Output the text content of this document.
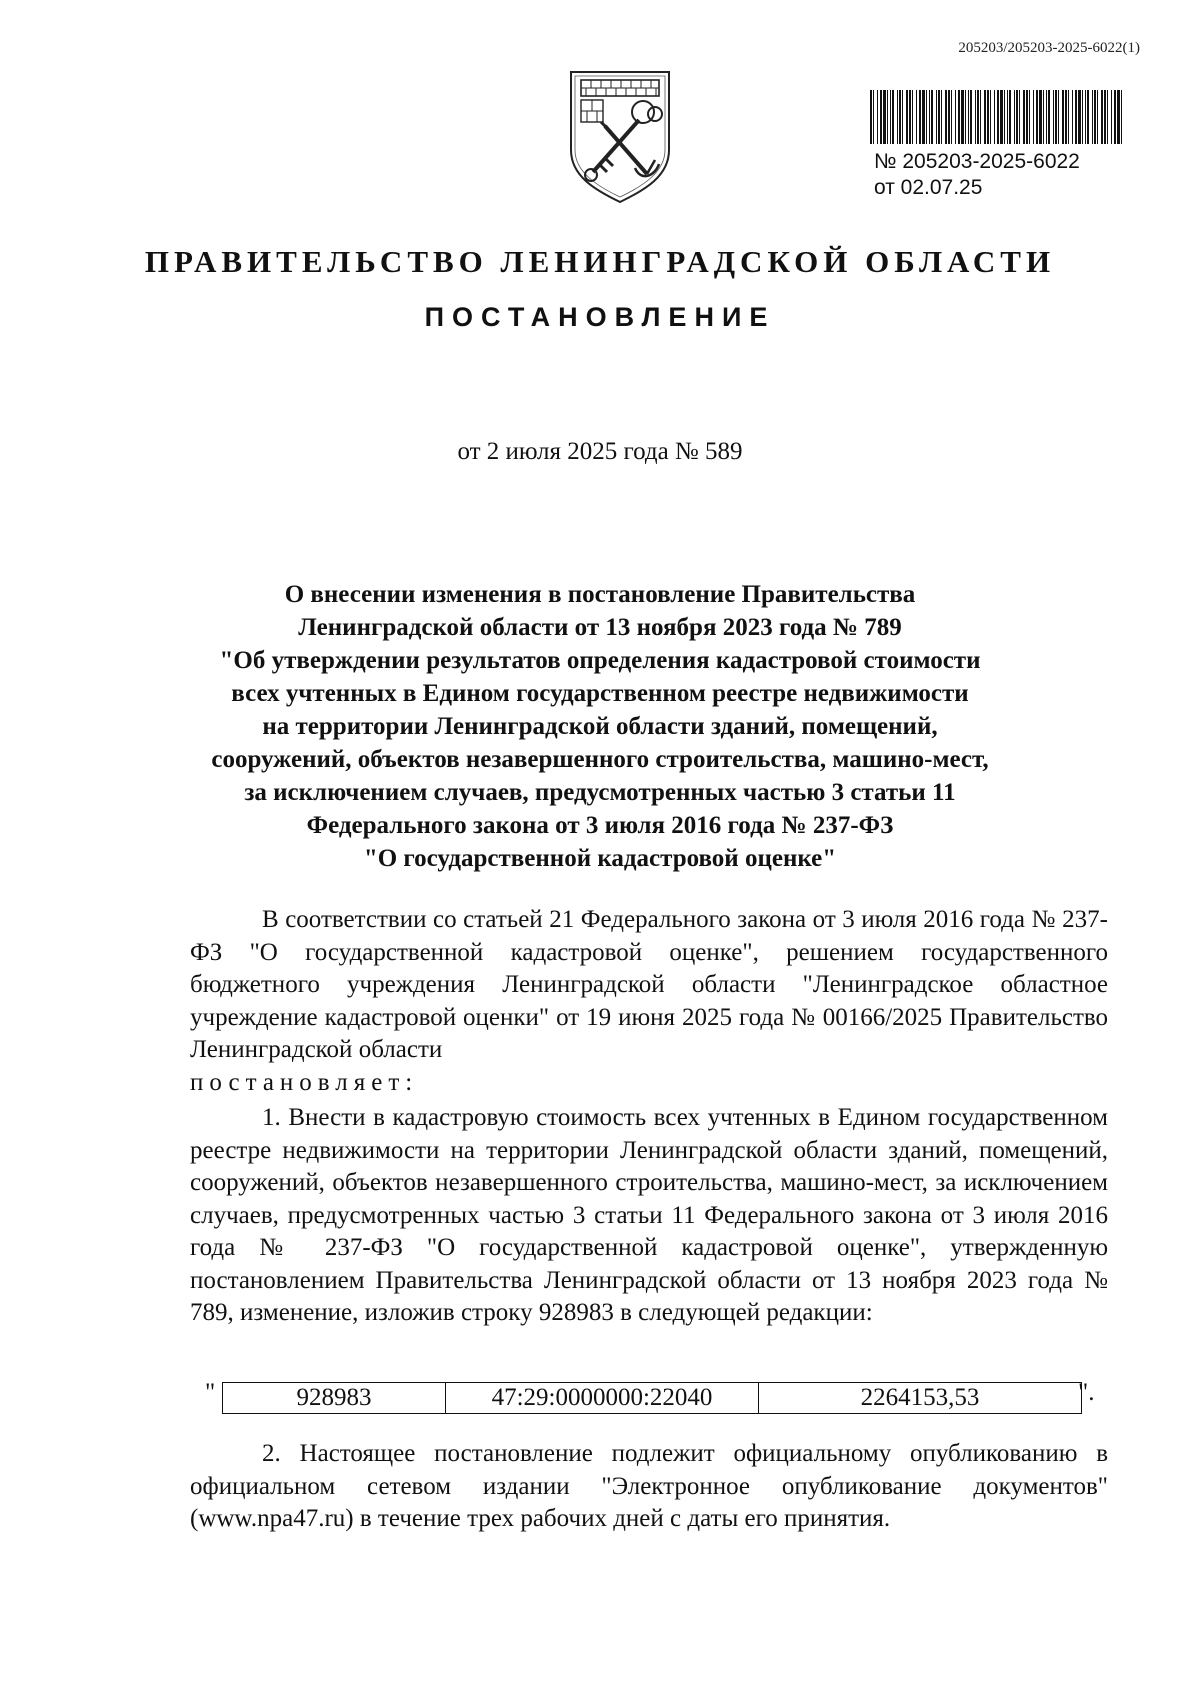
205203/205203-2025-6022(1)
№ 205203-2025-6022
от 02.07.25
ПРАВИТЕЛЬСТВО ЛЕНИНГРАДСКОЙ ОБЛАСТИ
ПОСТАНОВЛЕНИЕ
от 2 июля 2025 года № 589
О внесении изменения в постановление Правительства
Ленинградской области от 13 ноября 2023 года № 789
"Об утверждении результатов определения кадастровой стоимости
всех учтенных в Едином государственном реестре недвижимости
на территории Ленинградской области зданий, помещений,
сооружений, объектов незавершенного строительства, машино-мест,
за исключением случаев, предусмотренных частью 3 статьи 11
Федерального закона от 3 июля 2016 года № 237-ФЗ
"О государственной кадастровой оценке"

В соответствии со статьей 21 Федерального закона от 3 июля 2016 года № 237-ФЗ "О государственной кадастровой оценке", решением государственного бюджетного учреждения Ленинградской области "Ленинградское областное учреждение кадастровой оценки" от 19 июня 2025 года № 00166/2025 Правительство Ленинградской области

постановляет:

1. Внести в кадастровую стоимость всех учтенных в Едином государственном реестре недвижимости на территории Ленинградской области зданий, помещений, сооружений, объектов незавершенного строительства, машино-мест, за исключением случаев, предусмотренных частью 3 статьи 11 Федерального закона от 3 июля 2016 года № 237-ФЗ "О государственной кадастровой оценке", утвержденную постановлением Правительства Ленинградской области от 13 ноября 2023 года № 789, изменение, изложив строку 928983 в следующей редакции:

"	928983	47:29:0000000:22040	2264153,53	".

2. Настоящее постановление подлежит официальному опубликованию в официальном сетевом издании "Электронное опубликование документов" (www.npa47.ru) в течение трех рабочих дней с даты его принятия.
